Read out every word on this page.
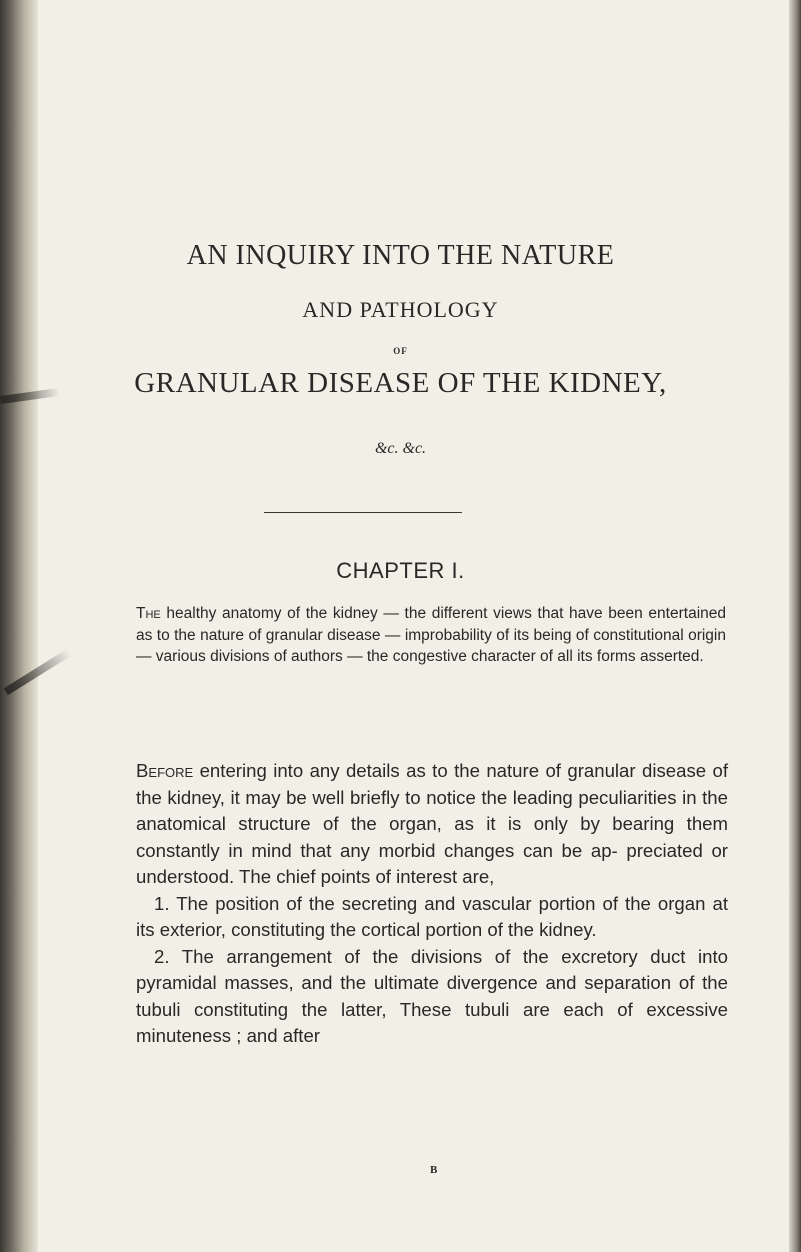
AN INQUIRY INTO THE NATURE
AND PATHOLOGY
OF
GRANULAR DISEASE OF THE KIDNEY,
&c. &c.
CHAPTER I.
The healthy anatomy of the kidney — the different views that have been entertained as to the nature of granular disease — improbability of its being of constitutional origin — various divisions of authors — the congestive character of all its forms asserted.

Before entering into any details as to the nature of granular disease of the kidney, it may be well briefly to notice the leading peculiarities in the anatomical structure of the organ, as it is only by bearing them constantly in mind that any morbid changes can be ap- preciated or understood. The chief points of interest are,

1. The position of the secreting and vascular portion of the organ at its exterior, constituting the cortical portion of the kidney.

2. The arrangement of the divisions of the excretory duct into pyramidal masses, and the ultimate divergence and separation of the tubuli constituting the latter, These tubuli are each of excessive minuteness ; and after

B
